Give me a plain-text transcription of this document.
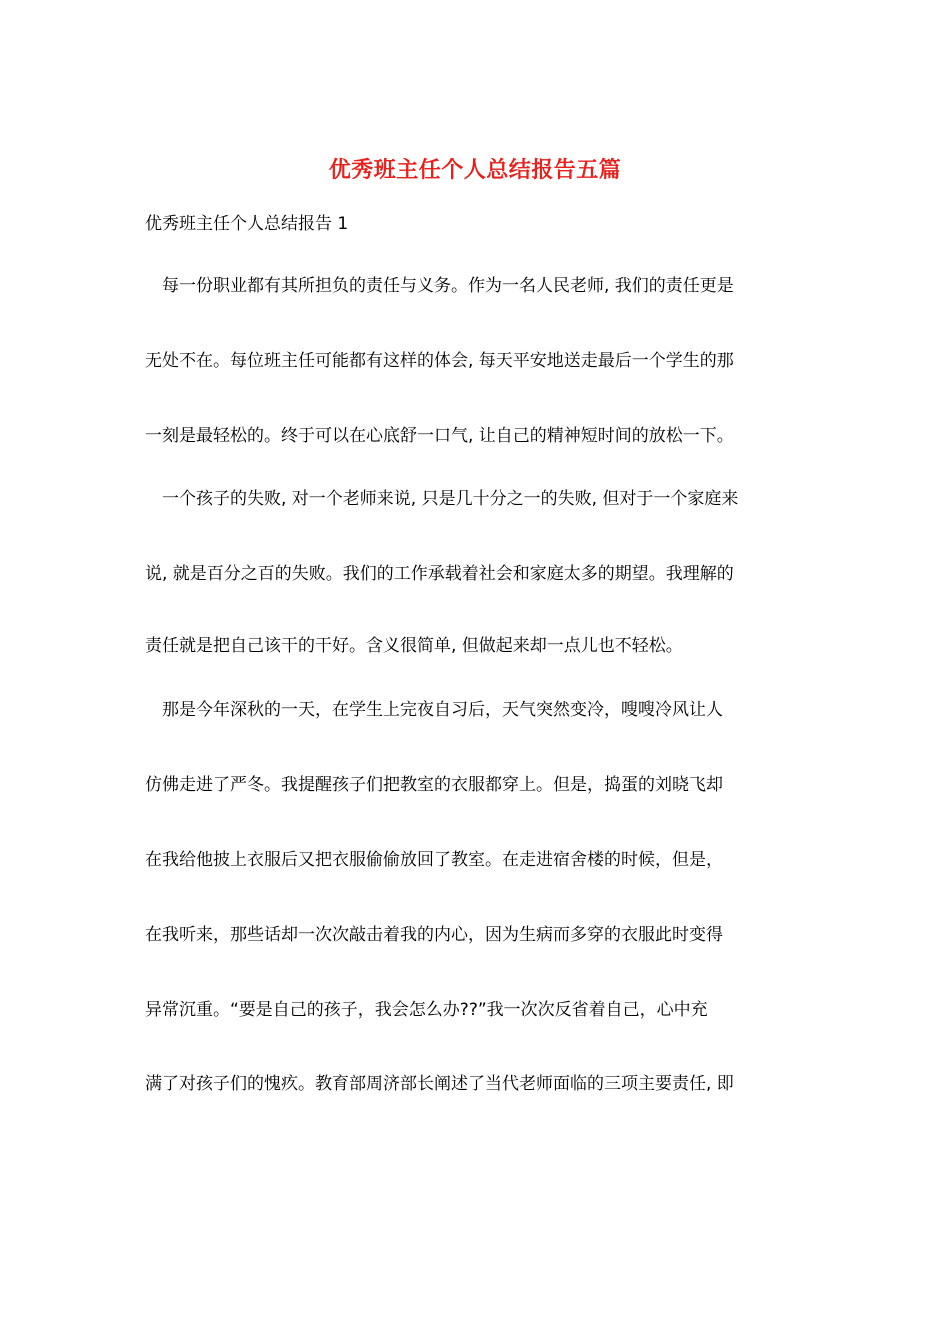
优秀班主任个人总结报告五篇
优秀班主任个人总结报告 1
　每一份职业都有其所担负的责任与义务。作为一名人民老师, 我们的责任更是
无处不在。每位班主任可能都有这样的体会, 每天平安地送走最后一个学生的那
一刻是最轻松的。终于可以在心底舒一口气, 让自己的精神短时间的放松一下。
　一个孩子的失败, 对一个老师来说, 只是几十分之一的失败, 但对于一个家庭来
说, 就是百分之百的失败。我们的工作承载着社会和家庭太多的期望。我理解的
责任就是把自己该干的干好。含义很简单, 但做起来却一点儿也不轻松。
　那是今年深秋的一天，在学生上完夜自习后，天气突然变冷，嗖嗖冷风让人
仿佛走进了严冬。我提醒孩子们把教室的衣服都穿上。但是，捣蛋的刘晓飞却
在我给他披上衣服后又把衣服偷偷放回了教室。在走进宿舍楼的时候，但是，
在我听来，那些话却一次次敲击着我的内心，因为生病而多穿的衣服此时变得
异常沉重。“要是自己的孩子，我会怎么办??”我一次次反省着自己，心中充
满了对孩子们的愧疚。教育部周济部长阐述了当代老师面临的三项主要责任, 即
